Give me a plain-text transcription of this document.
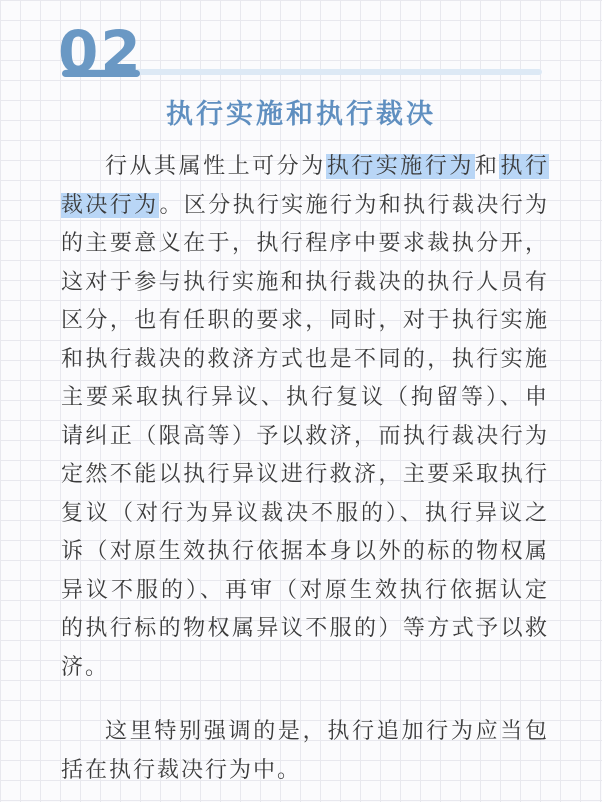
02
执行实施和执行裁决

行从其属性上可分为执行实施行为和执行裁决行为。区分执行实施行为和执行裁决行为的主要意义在于，执行程序中要求裁执分开，这对于参与执行实施和执行裁决的执行人员有区分，也有任职的要求，同时，对于执行实施和执行裁决的救济方式也是不同的，执行实施主要采取执行异议、执行复议（拘留等）、申请纠正（限高等）予以救济，而执行裁决行为定然不能以执行异议进行救济，主要采取执行复议（对行为异议裁决不服的）、执行异议之诉（对原生效执行依据本身以外的标的物权属异议不服的）、再审（对原生效执行依据认定的执行标的物权属异议不服的）等方式予以救济。

这里特别强调的是，执行追加行为应当包括在执行裁决行为中。
